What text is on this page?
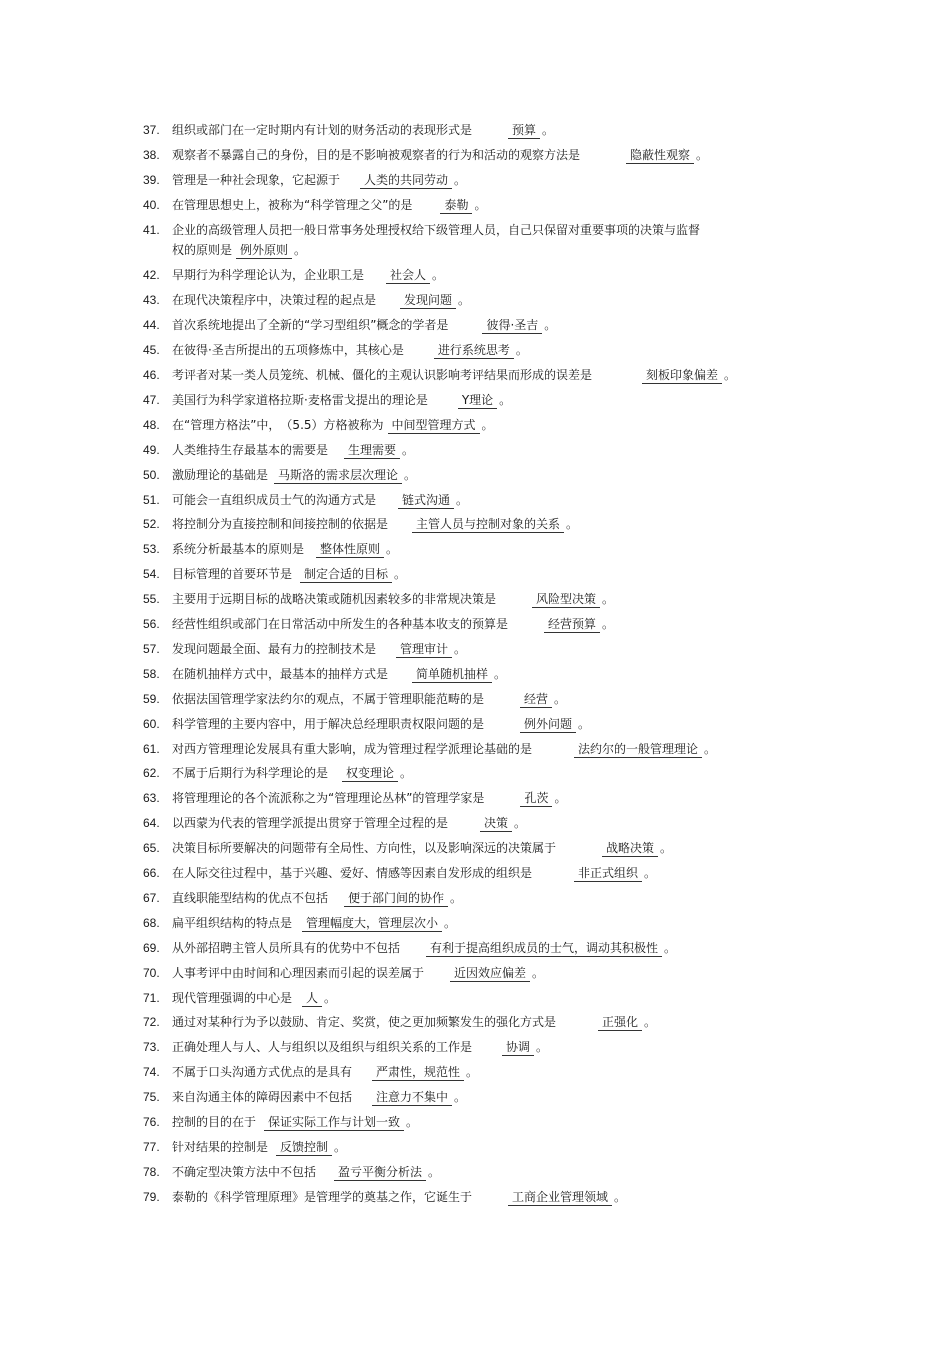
37. 组织或部门在一定时期内有计划的财务活动的表现形式是	预算 。
38. 观察者不暴露自己的身份，目的是不影响被观察者的行为和活动的观察方法是	隐蔽性观察 。
39. 管理是一种社会现象，它起源于 人类的共同劳动 。
40. 在管理思想史上，被称为“科学管理之父”的是	泰勒 。
41. 企业的高级管理人员把一般日常事务处理授权给下级管理人员，自己只保留对重要事项的决策与监督
权的原则是 例外原则 。
42. 早期行为科学理论认为，企业职工是 社会人 。
43. 在现代决策程序中，决策过程的起点是 发现问题 。
44. 首次系统地提出了全新的“学习型组织”概念的学者是	彼得·圣吉 。
45. 在彼得·圣吉所提出的五项修炼中，其核心是	进行系统思考 。
46. 考评者对某一类人员笼统、机械、僵化的主观认识影响考评结果而形成的误差是	刻板印象偏差 。
47. 美国行为科学家道格拉斯·麦格雷戈提出的理论是	Y理论 。
48. 在“管理方格法”中，　（5.5）方格被称为 中间型管理方式 。
49. 人类维持生存最基本的需要是 生理需要 。
50. 激励理论的基础是 马斯洛的需求层次理论 。
51. 可能会一直组织成员士气的沟通方式是 链式沟通 。
52. 将控制分为直接控制和间接控制的依据是 主管人员与控制对象的关系 。
53. 系统分析最基本的原则是 整体性原则 。
54. 目标管理的首要环节是 制定合适的目标 。
55. 主要用于远期目标的战略决策或随机因素较多的非常规决策是	风险型决策 。
56. 经营性组织或部门在日常活动中所发生的各种基本收支的预算是	经营预算 。
57. 发现问题最全面、最有力的控制技术是 管理审计 。
58. 在随机抽样方式中，最基本的抽样方式是 简单随机抽样 。
59. 依据法国管理学家法约尔的观点，不属于管理职能范畴的是	经营 。
60. 科学管理的主要内容中，用于解决总经理职责权限问题的是	例外问题 。
61. 对西方管理理论发展具有重大影响，成为管理过程学派理论基础的是	法约尔的一般管理理论 。
62. 不属于后期行为科学理论的是 权变理论 。
63. 将管理理论的各个流派称之为“管理理论丛林”的管理学家是	孔茨 。
64. 以西蒙为代表的管理学派提出贯穿于管理全过程的是	决策 。
65. 决策目标所要解决的问题带有全局性、方向性，以及影响深远的决策属于	战略决策 。
66. 在人际交往过程中，基于兴趣、爱好、情感等因素自发形成的组织是	非正式组织 。
67. 直线职能型结构的优点不包括 便于部门间的协作 。
68. 扁平组织结构的特点是 管理幅度大，管理层次小 。
69. 从外部招聘主管人员所具有的优势中不包括	有利于提高组织成员的士气，调动其积极性 。
70. 人事考评中由时间和心理因素而引起的误差属于	近因效应偏差 。
71. 现代管理强调的中心是 人 。
72. 通过对某种行为予以鼓励、肯定、奖赏，使之更加频繁发生的强化方式是	正强化 。
73. 正确处理人与人、人与组织以及组织与组织关系的工作是	协调 。
74. 不属于口头沟通方式优点的是具有 严肃性，规范性 。
75. 来自沟通主体的障碍因素中不包括 注意力不集中 。
76. 控制的目的在于 保证实际工作与计划一致 。
77. 针对结果的控制是 反馈控制 。
78. 不确定型决策方法中不包括 盈亏平衡分析法 。
79. 泰勒的《科学管理原理》是管理学的奠基之作，它诞生于	工商企业管理领域 。
